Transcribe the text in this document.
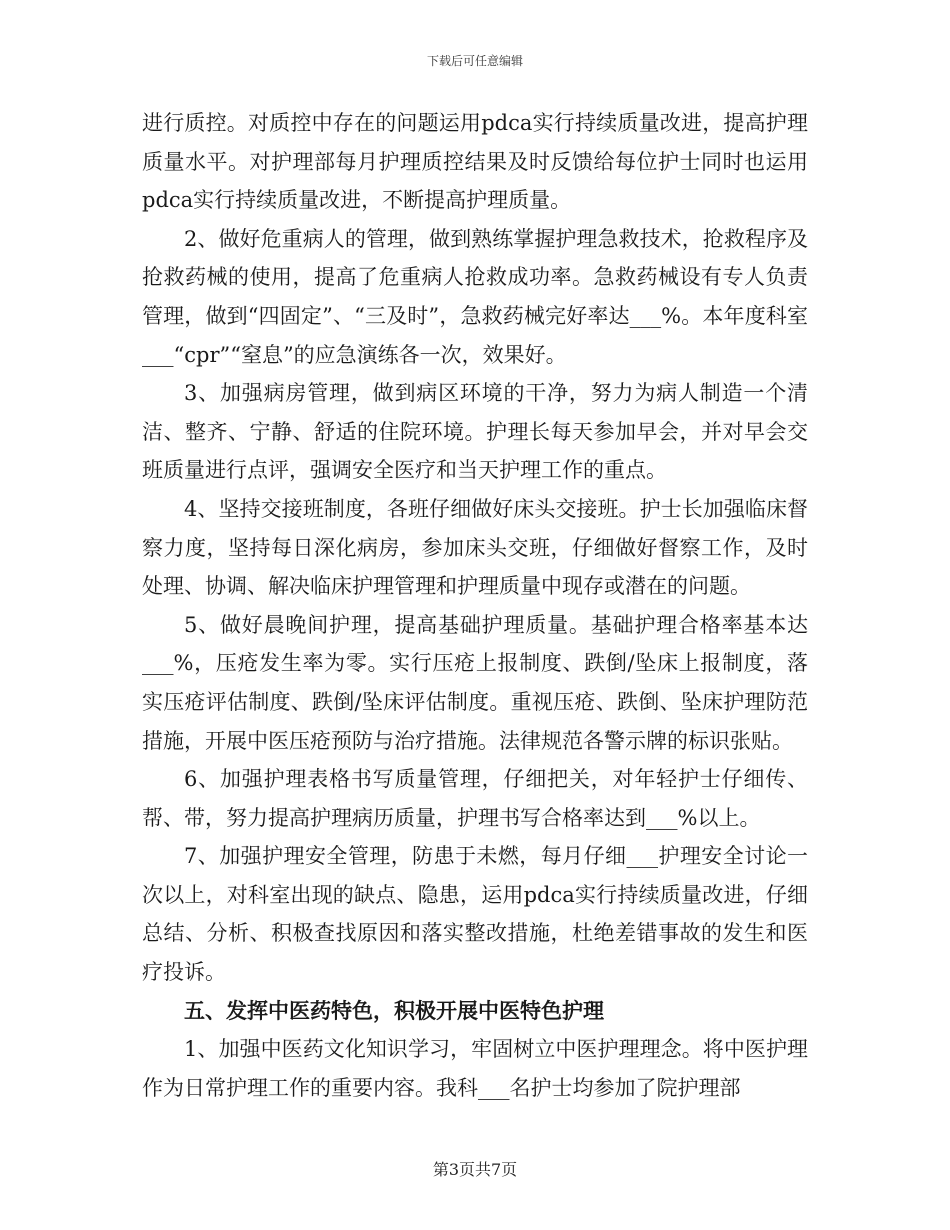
下载后可任意编辑

进行质控。对质控中存在的问题运用pdca实行持续质量改进，提高护理质量水平。对护理部每月护理质控结果及时反馈给每位护士同时也运用pdca实行持续质量改进，不断提高护理质量。

2、做好危重病人的管理，做到熟练掌握护理急救技术，抢救程序及抢救药械的使用，提高了危重病人抢救成功率。急救药械设有专人负责管理，做到“四固定”、“三及时”，急救药械完好率达___%。本年度科室___“cpr”“窒息”的应急演练各一次，效果好。

3、加强病房管理，做到病区环境的干净，努力为病人制造一个清洁、整齐、宁静、舒适的住院环境。护理长每天参加早会，并对早会交班质量进行点评，强调安全医疗和当天护理工作的重点。

4、坚持交接班制度，各班仔细做好床头交接班。护士长加强临床督察力度，坚持每日深化病房，参加床头交班，仔细做好督察工作，及时处理、协调、解决临床护理管理和护理质量中现存或潜在的问题。

5、做好晨晚间护理，提高基础护理质量。基础护理合格率基本达___%，压疮发生率为零。实行压疮上报制度、跌倒/坠床上报制度，落实压疮评估制度、跌倒/坠床评估制度。重视压疮、跌倒、坠床护理防范措施，开展中医压疮预防与治疗措施。法律规范各警示牌的标识张贴。

6、加强护理表格书写质量管理，仔细把关，对年轻护士仔细传、帮、带，努力提高护理病历质量，护理书写合格率达到___%以上。

7、加强护理安全管理，防患于未燃，每月仔细___护理安全讨论一次以上，对科室出现的缺点、隐患，运用pdca实行持续质量改进，仔细总结、分析、积极查找原因和落实整改措施，杜绝差错事故的发生和医疗投诉。

五、发挥中医药特色，积极开展中医特色护理

1、加强中医药文化知识学习，牢固树立中医护理理念。将中医护理作为日常护理工作的重要内容。我科___名护士均参加了院护理部

第3页共7页
